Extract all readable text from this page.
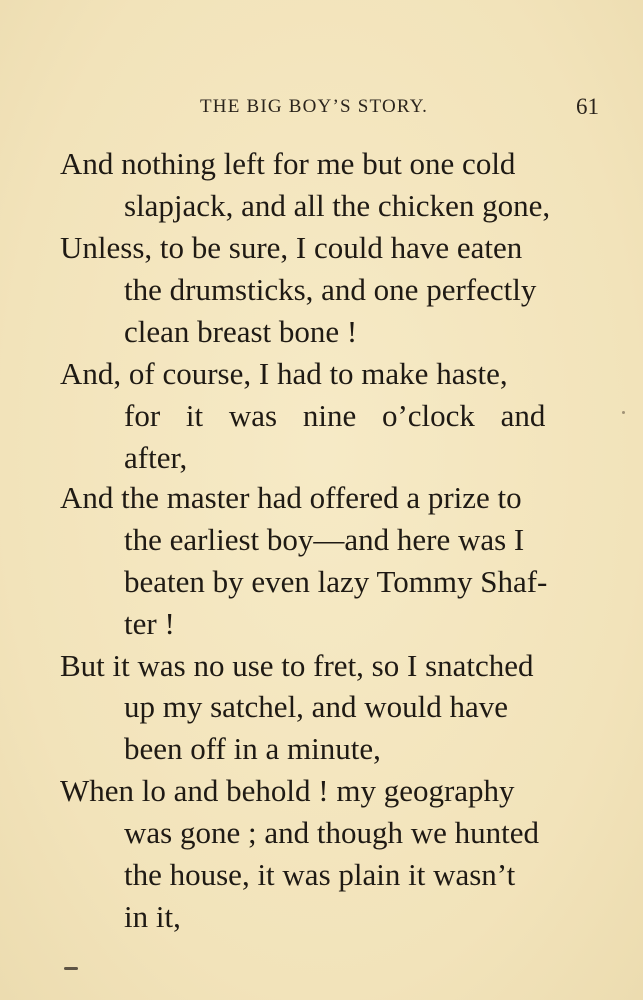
THE BIG BOY’S STORY.	61
And nothing left for me but one cold
slapjack, and all the chicken gone,
Unless, to be sure, I could have eaten
the drumsticks, and one perfectly
clean breast bone !
And, of course, I had to make haste,
for it was nine o’clock and
after,
And the master had offered a prize to
the earliest boy—and here was I
beaten by even lazy Tommy Shaf-
ter !
But it was no use to fret, so I snatched
up my satchel, and would have
been off in a minute,
When lo and behold ! my geography
was gone ; and though we hunted
the house, it was plain it wasn’t
in it,
